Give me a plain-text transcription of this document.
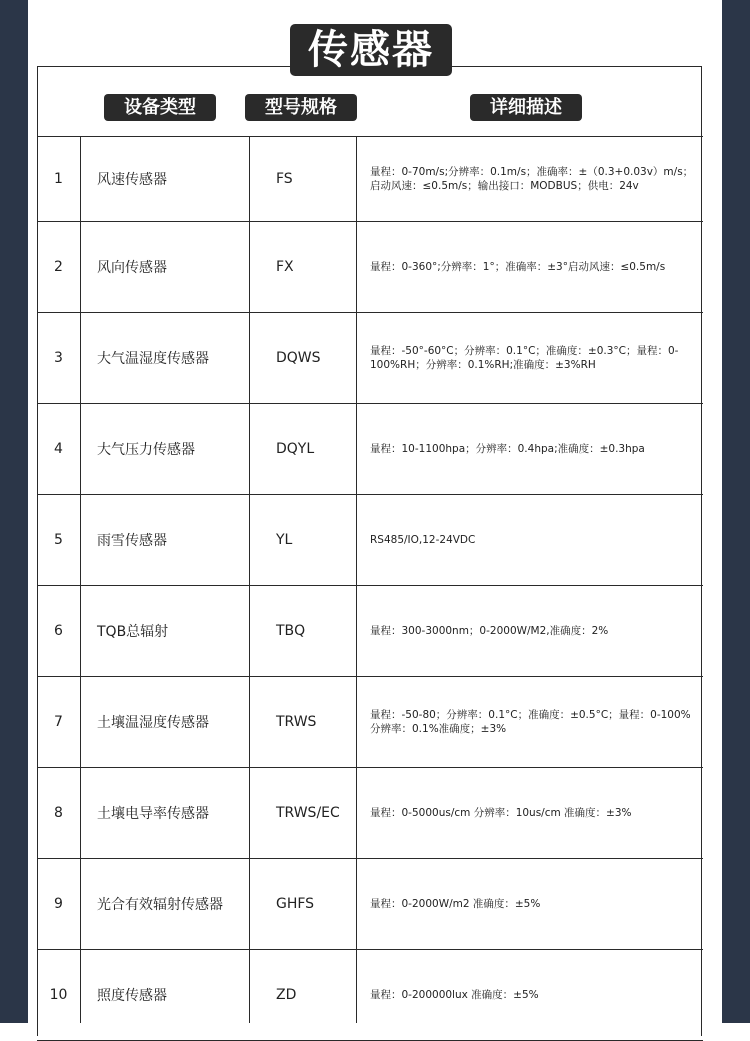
传感器
设备类型	型号规格	详细描述
1	风速传感器	FS	量程：0-70m/s;分辨率：0.1m/s；准确率：±（0.3+0.03v）m/s；启动风速：≤0.5m/s；输出接口：MODBUS；供电：24v
2	风向传感器	FX	量程：0-360°;分辨率：1°；准确率：±3°启动风速：≤0.5m/s
3	大气温湿度传感器	DQWS	量程：-50°-60°C；分辨率：0.1°C；准确度：±0.3°C；量程：0-100%RH；分辨率：0.1%RH;准确度：±3%RH
4	大气压力传感器	DQYL	量程：10-1100hpa；分辨率：0.4hpa;准确度：±0.3hpa
5	雨雪传感器	YL	RS485/IO,12-24VDC
6	TQB总辐射	TBQ	量程：300-3000nm；0-2000W/M2,准确度：2%
7	土壤温湿度传感器	TRWS	量程：-50-80；分辨率：0.1°C；准确度：±0.5°C；量程：0-100%分辨率：0.1%准确度；±3%
8	土壤电导率传感器	TRWS/EC	量程：0-5000us/cm 分辨率：10us/cm 准确度：±3%
9	光合有效辐射传感器	GHFS	量程：0-2000W/m2 准确度：±5%
10	照度传感器	ZD	量程：0-200000lux 准确度：±5%
